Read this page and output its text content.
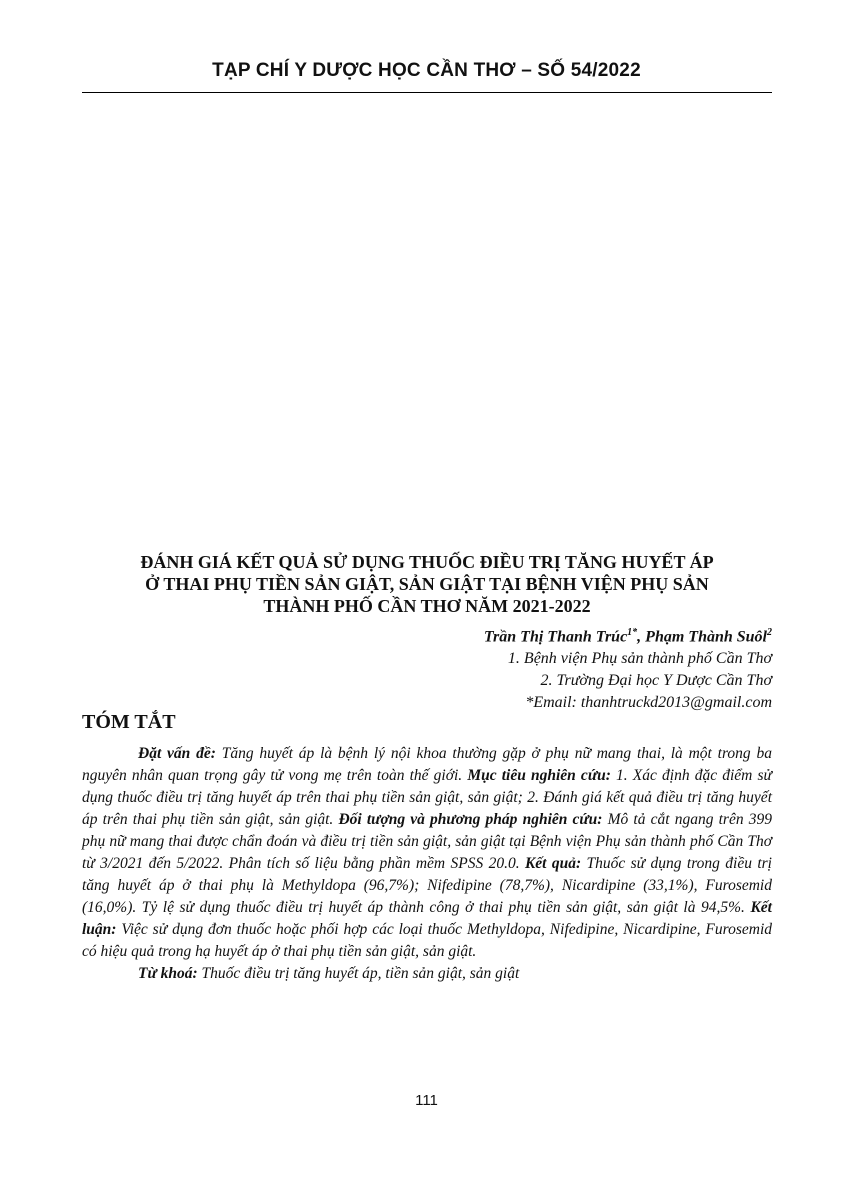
TẠP CHÍ Y DƯỢC HỌC CẦN THƠ – SỐ 54/2022
ĐÁNH GIÁ KẾT QUẢ SỬ DỤNG THUỐC ĐIỀU TRỊ TĂNG HUYẾT ÁP
Ở THAI PHỤ TIỀN SẢN GIẬT, SẢN GIẬT TẠI BỆNH VIỆN PHỤ SẢN
THÀNH PHỐ CẦN THƠ NĂM 2021-2022
Trần Thị Thanh Trúc$^{1*}$, Phạm Thành Suôl$^2$
1. Bệnh viện Phụ sản thành phố Cần Thơ
2. Trường Đại học Y Dược Cần Thơ
*Email: thanhtruckd2013@gmail.com
TÓM TẮT

Đặt vấn đề: Tăng huyết áp là bệnh lý nội khoa thường gặp ở phụ nữ mang thai, là một trong ba nguyên nhân quan trọng gây tử vong mẹ trên toàn thế giới. Mục tiêu nghiên cứu: 1. Xác định đặc điểm sử dụng thuốc điều trị tăng huyết áp trên thai phụ tiền sản giật, sản giật; 2. Đánh giá kết quả điều trị tăng huyết áp trên thai phụ tiền sản giật, sản giật. Đối tượng và phương pháp nghiên cứu: Mô tả cắt ngang trên 399 phụ nữ mang thai được chẩn đoán và điều trị tiền sản giật, sản giật tại Bệnh viện Phụ sản thành phố Cần Thơ từ 3/2021 đến 5/2022. Phân tích số liệu bằng phần mềm SPSS 20.0. Kết quả: Thuốc sử dụng trong điều trị tăng huyết áp ở thai phụ là Methyldopa (96,7%); Nifedipine (78,7%), Nicardipine (33,1%), Furosemid (16,0%). Tỷ lệ sử dụng thuốc điều trị huyết áp thành công ở thai phụ tiền sản giật, sản giật là 94,5%. Kết luận: Việc sử dụng đơn thuốc hoặc phối hợp các loại thuốc Methyldopa, Nifedipine, Nicardipine, Furosemid có hiệu quả trong hạ huyết áp ở thai phụ tiền sản giật, sản giật.

Từ khoá: Thuốc điều trị tăng huyết áp, tiền sản giật, sản giật

111
